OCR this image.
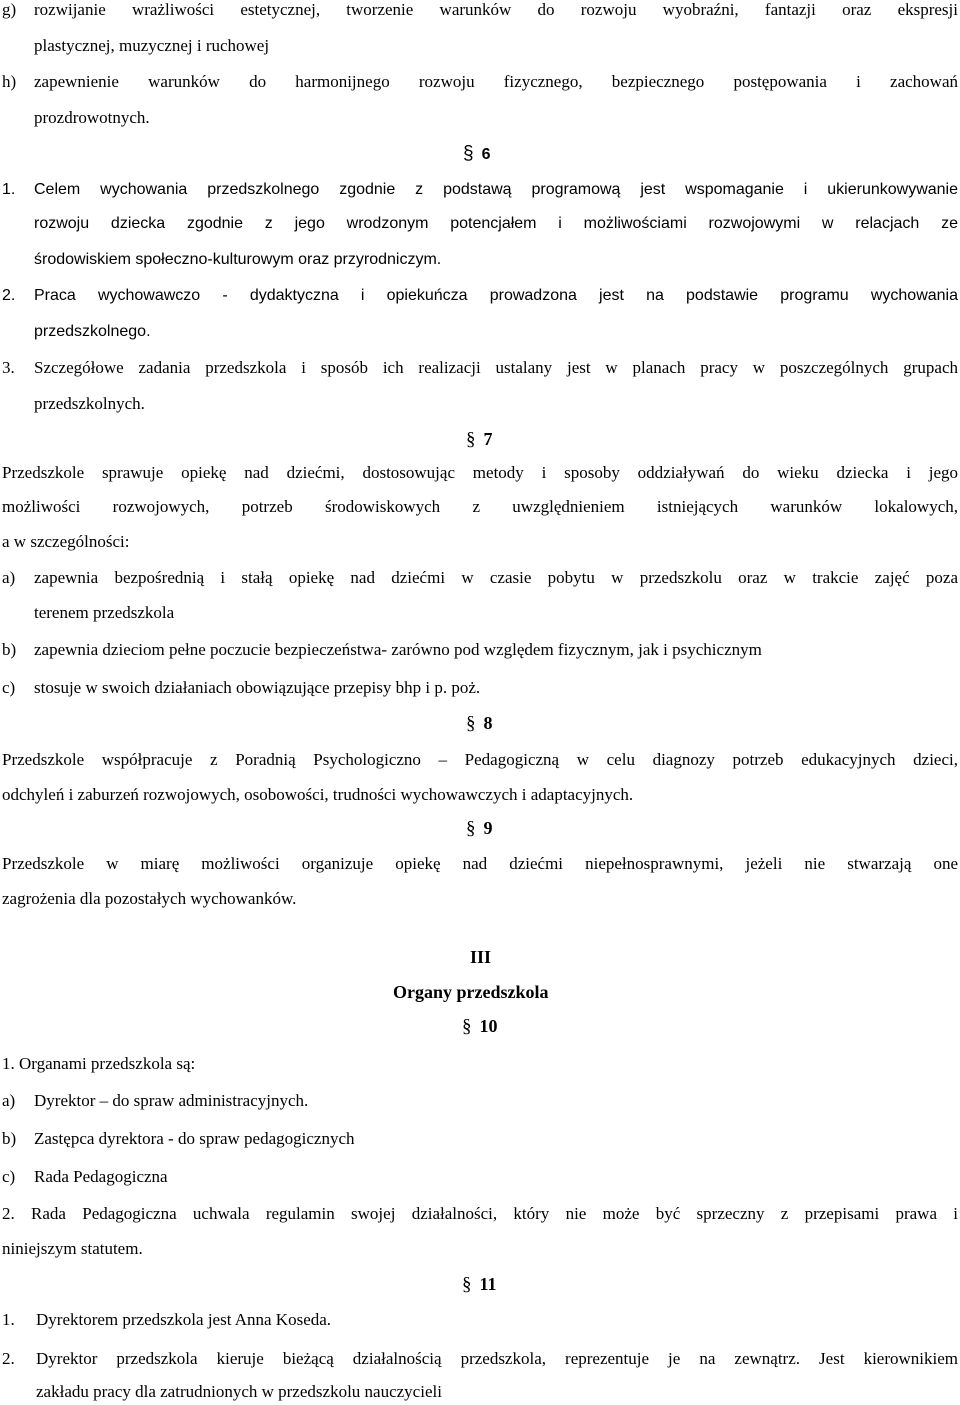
g) rozwijanie wrażliwości estetycznej, tworzenie warunków do rozwoju wyobraźni, fantazji oraz ekspresji
plastycznej, muzycznej i ruchowej
h) zapewnienie warunków do harmonijnego rozwoju fizycznego, bezpiecznego postępowania i zachowań
prozdrowotnych.
§ 6
1. Celem wychowania przedszkolnego zgodnie z podstawą programową jest wspomaganie i ukierunkowywanie
rozwoju dziecka zgodnie z jego wrodzonym potencjałem i możliwościami rozwojowymi w relacjach ze
środowiskiem społeczno-kulturowym oraz przyrodniczym.
2. Praca wychowawczo - dydaktyczna i opiekuńcza prowadzona jest na podstawie programu wychowania
przedszkolnego.
3. Szczegółowe zadania przedszkola i sposób ich realizacji ustalany jest w planach pracy w poszczególnych grupach
przedszkolnych.
§ 7
Przedszkole sprawuje opiekę nad dziećmi, dostosowując metody i sposoby oddziaływań do wieku dziecka i jego
możliwości rozwojowych, potrzeb środowiskowych z uwzględnieniem istniejących warunków lokalowych,
a w szczególności:
a) zapewnia bezpośrednią i stałą opiekę nad dziećmi w czasie pobytu w przedszkolu oraz w trakcie zajęć poza
terenem przedszkola
b) zapewnia dzieciom pełne poczucie bezpieczeństwa- zarówno pod względem fizycznym, jak i psychicznym
c) stosuje w swoich działaniach obowiązujące przepisy bhp i p. poż.
§ 8
Przedszkole współpracuje z Poradnią Psychologiczno – Pedagogiczną w celu diagnozy potrzeb edukacyjnych dzieci,
odchyleń i zaburzeń rozwojowych, osobowości, trudności wychowawczych i adaptacyjnych.
§ 9
Przedszkole w miarę możliwości organizuje opiekę nad dziećmi niepełnosprawnymi, jeżeli nie stwarzają one
zagrożenia dla pozostałych wychowanków.
III
Organy przedszkola
§ 10
1. Organami przedszkola są:
a) Dyrektor – do spraw administracyjnych.
b) Zastępca dyrektora - do spraw pedagogicznych
c) Rada Pedagogiczna
2. Rada Pedagogiczna uchwala regulamin swojej działalności, który nie może być sprzeczny z przepisami prawa i
niniejszym statutem.
§ 11
1. Dyrektorem przedszkola jest Anna Koseda.
2. Dyrektor przedszkola kieruje bieżącą działalnością przedszkola, reprezentuje je na zewnątrz. Jest kierownikiem
zakładu pracy dla zatrudnionych w przedszkolu nauczycieli
